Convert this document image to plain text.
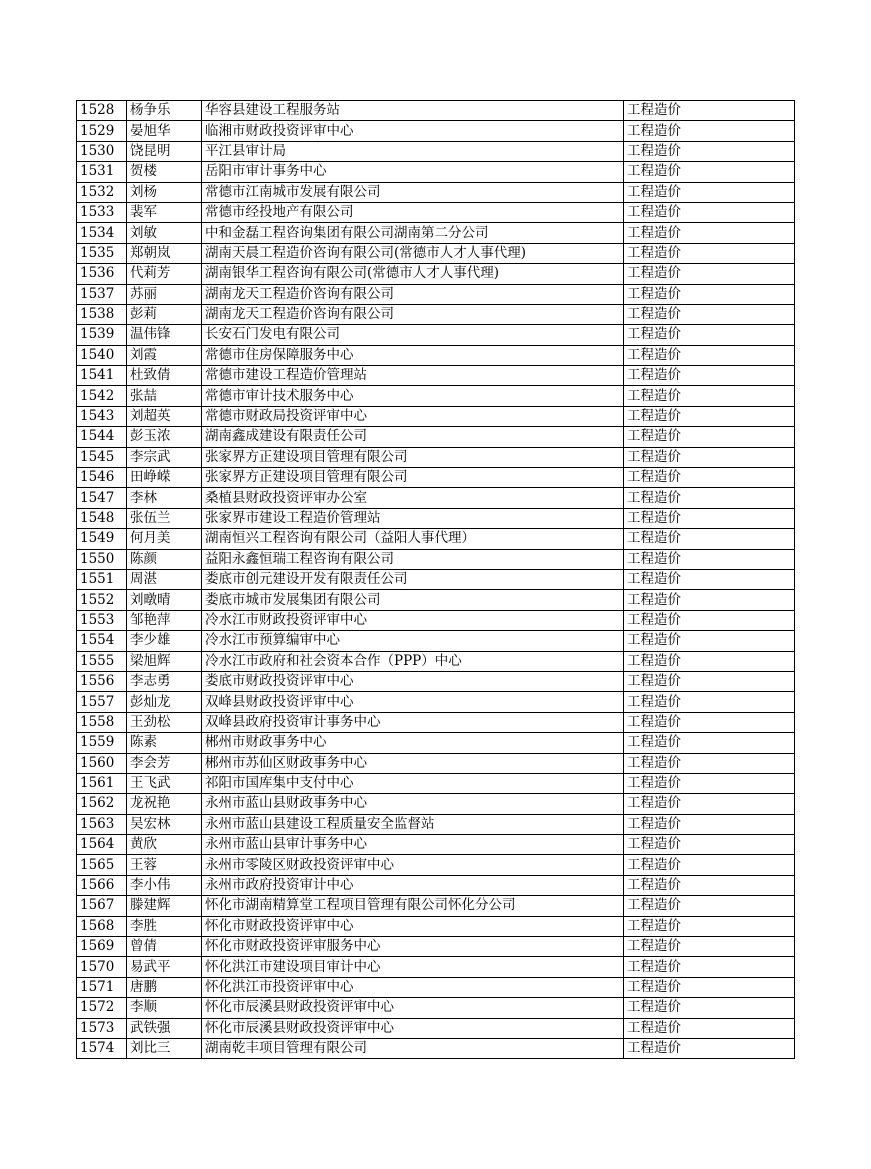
1528	杨争乐	华容县建设工程服务站	工程造价
1529	晏旭华	临湘市财政投资评审中心	工程造价
1530	饶昆明	平江县审计局	工程造价
1531	贺楼	岳阳市审计事务中心	工程造价
1532	刘杨	常德市江南城市发展有限公司	工程造价
1533	裴军	常德市经投地产有限公司	工程造价
1534	刘敏	中和金磊工程咨询集团有限公司湖南第二分公司	工程造价
1535	郑朝岚	湖南天晨工程造价咨询有限公司(常德市人才人事代理)	工程造价
1536	代莉芳	湖南银华工程咨询有限公司(常德市人才人事代理)	工程造价
1537	苏丽	湖南龙天工程造价咨询有限公司	工程造价
1538	彭莉	湖南龙天工程造价咨询有限公司	工程造价
1539	温伟锋	长安石门发电有限公司	工程造价
1540	刘霞	常德市住房保障服务中心	工程造价
1541	杜致倩	常德市建设工程造价管理站	工程造价
1542	张喆	常德市审计技术服务中心	工程造价
1543	刘超英	常德市财政局投资评审中心	工程造价
1544	彭玉浓	湖南鑫成建设有限责任公司	工程造价
1545	李宗武	张家界方正建设项目管理有限公司	工程造价
1546	田峥嵘	张家界方正建设项目管理有限公司	工程造价
1547	李林	桑植县财政投资评审办公室	工程造价
1548	张伍兰	张家界市建设工程造价管理站	工程造价
1549	何月美	湖南恒兴工程咨询有限公司（益阳人事代理）	工程造价
1550	陈颜	益阳永鑫恒瑞工程咨询有限公司	工程造价
1551	周湛	娄底市创元建设开发有限责任公司	工程造价
1552	刘暾晴	娄底市城市发展集团有限公司	工程造价
1553	邹艳萍	冷水江市财政投资评审中心	工程造价
1554	李少雄	冷水江市预算编审中心	工程造价
1555	梁旭辉	冷水江市政府和社会资本合作（PPP）中心	工程造价
1556	李志勇	娄底市财政投资评审中心	工程造价
1557	彭灿龙	双峰县财政投资评审中心	工程造价
1558	王劲松	双峰县政府投资审计事务中心	工程造价
1559	陈素	郴州市财政事务中心	工程造价
1560	李会芳	郴州市苏仙区财政事务中心	工程造价
1561	王飞武	祁阳市国库集中支付中心	工程造价
1562	龙祝艳	永州市蓝山县财政事务中心	工程造价
1563	吴宏林	永州市蓝山县建设工程质量安全监督站	工程造价
1564	黄欣	永州市蓝山县审计事务中心	工程造价
1565	王蓉	永州市零陵区财政投资评审中心	工程造价
1566	李小伟	永州市政府投资审计中心	工程造价
1567	滕建辉	怀化市湖南精算堂工程项目管理有限公司怀化分公司	工程造价
1568	李胜	怀化市财政投资评审中心	工程造价
1569	曾倩	怀化市财政投资评审服务中心	工程造价
1570	易武平	怀化洪江市建设项目审计中心	工程造价
1571	唐鹏	怀化洪江市投资评审中心	工程造价
1572	李顺	怀化市辰溪县财政投资评审中心	工程造价
1573	武铁强	怀化市辰溪县财政投资评审中心	工程造价
1574	刘比三	湖南乾丰项目管理有限公司	工程造价
